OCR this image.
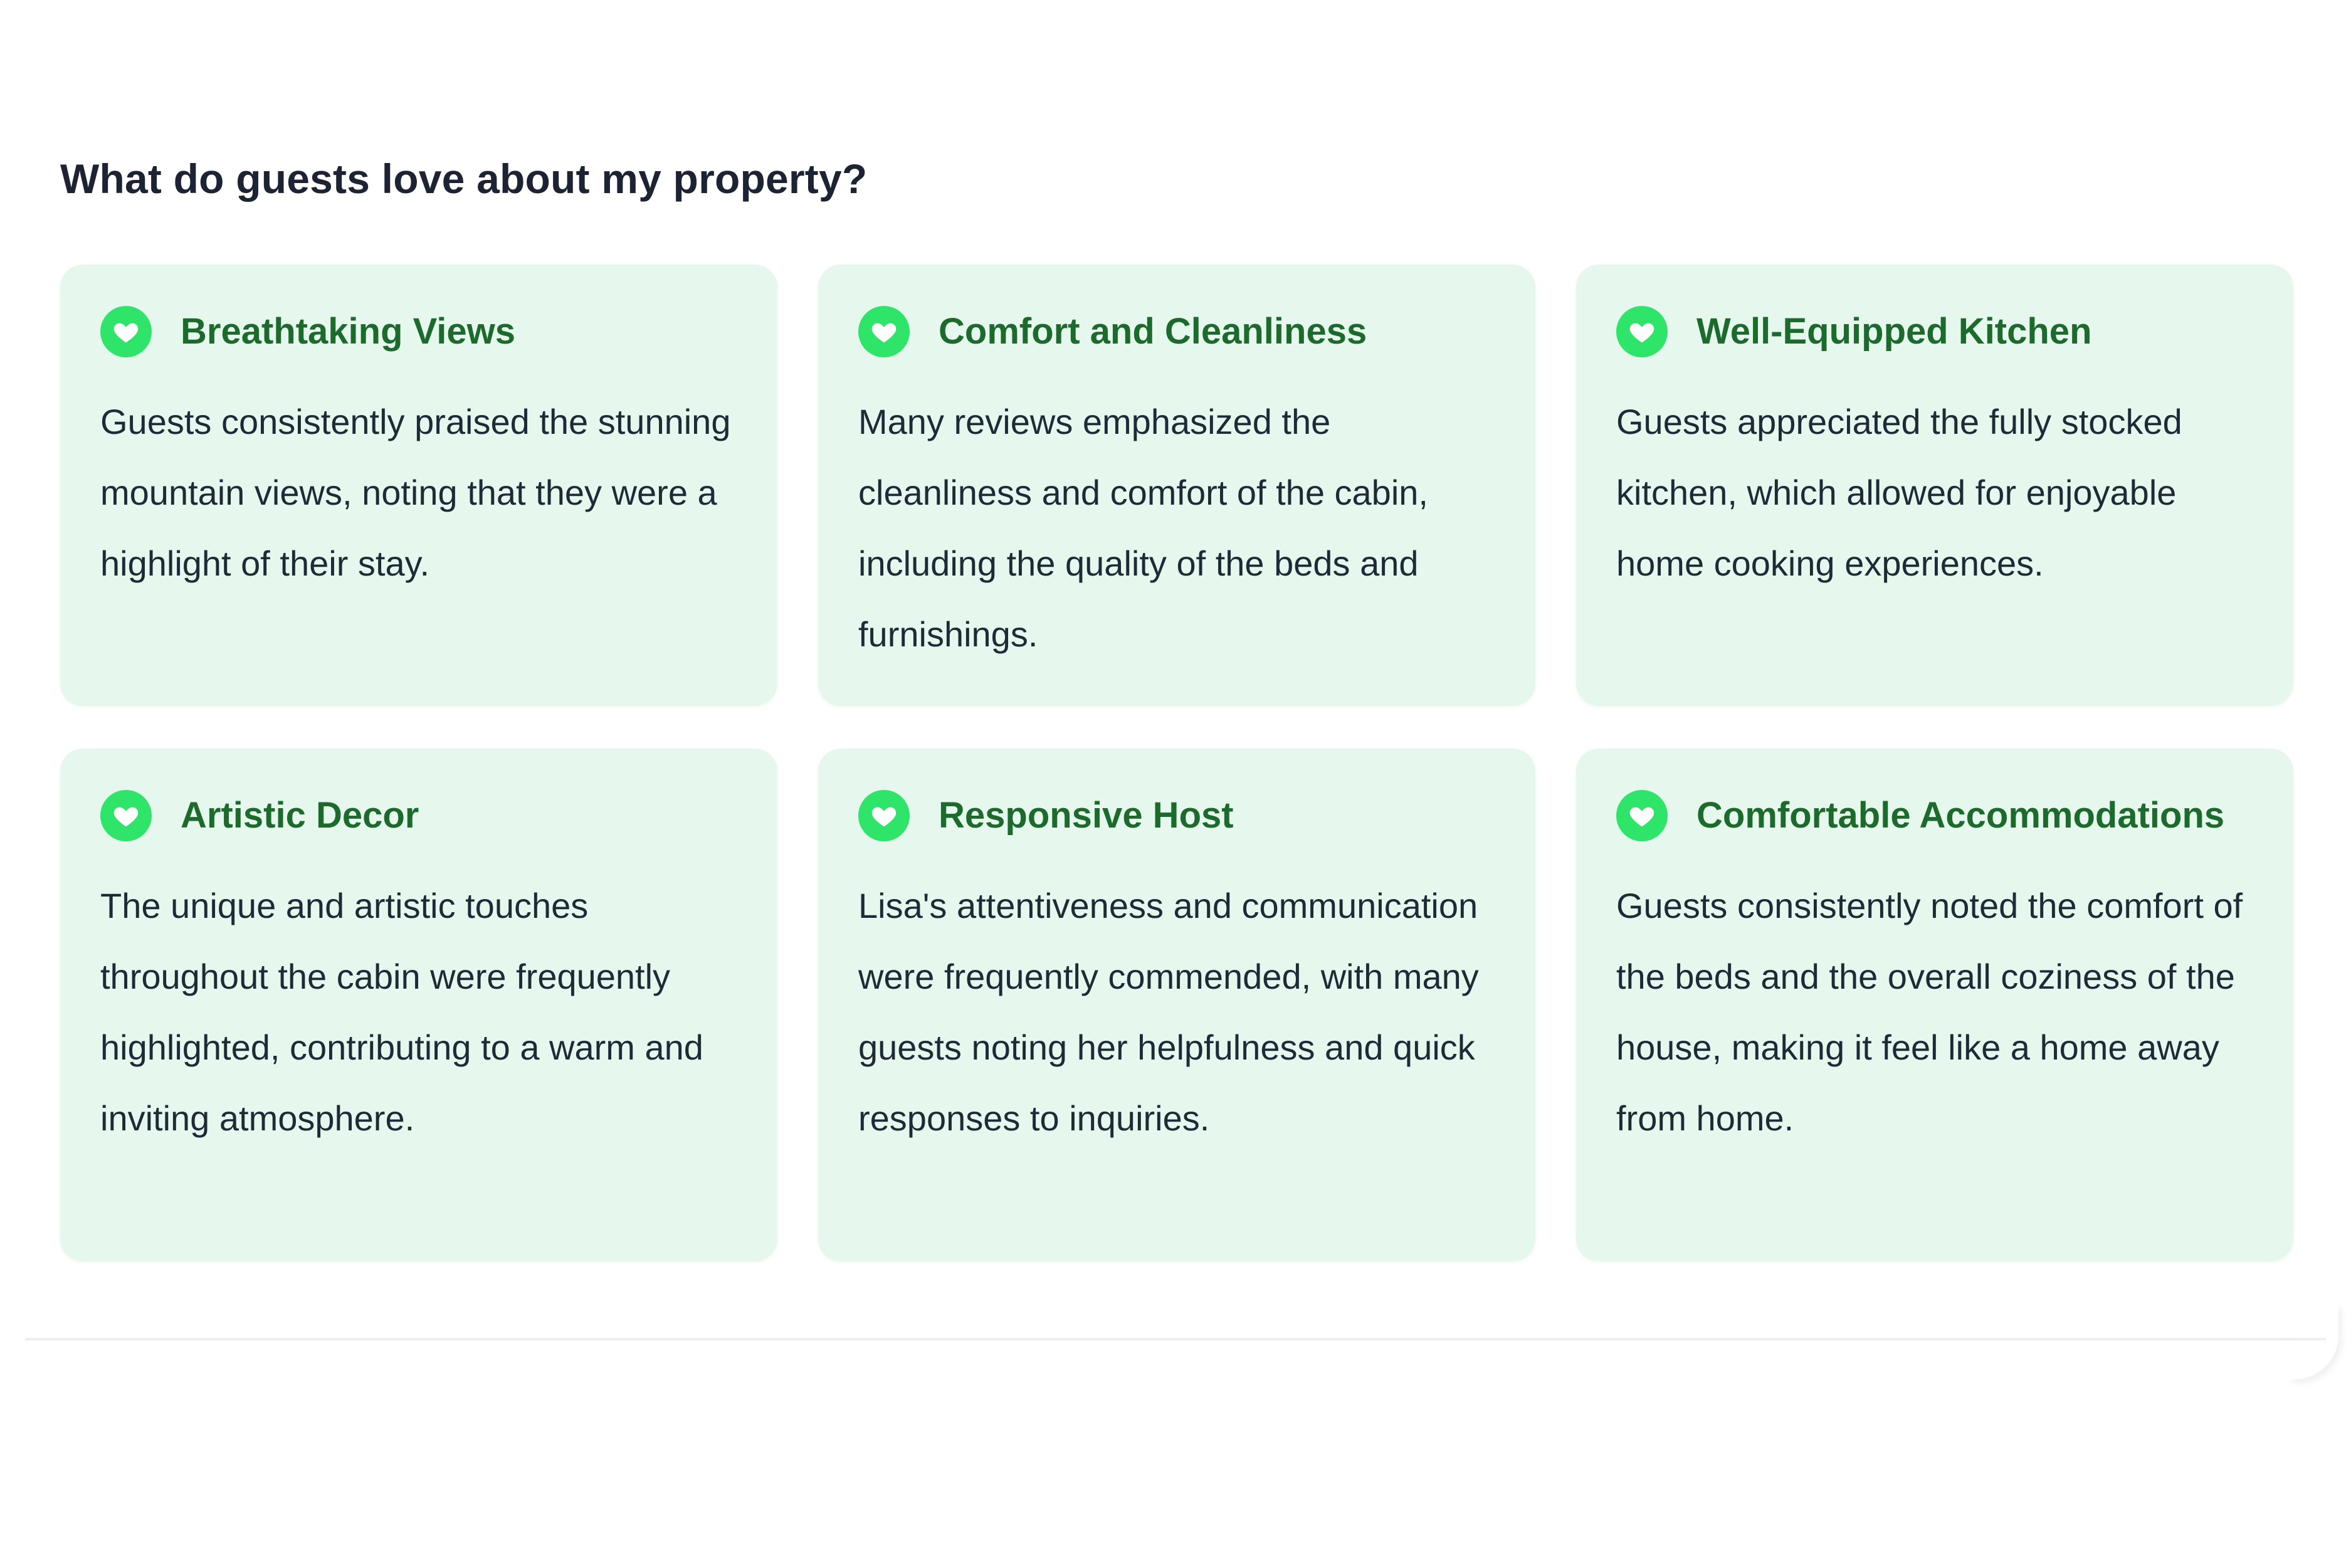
What do guests love about my property?
Breathtaking Views

Guests consistently praised the stunning mountain views, noting that they were a highlight of their stay.

Comfort and Cleanliness

Many reviews emphasized the cleanliness and comfort of the cabin, including the quality of the beds and furnishings.

Well-Equipped Kitchen

Guests appreciated the fully stocked kitchen, which allowed for enjoyable home cooking experiences.

Artistic Decor

The unique and artistic touches throughout the cabin were frequently highlighted, contributing to a warm and inviting atmosphere.

Responsive Host

Lisa's attentiveness and communication were frequently commended, with many guests noting her helpfulness and quick responses to inquiries.

Comfortable Accommodations

Guests consistently noted the comfort of the beds and the overall coziness of the house, making it feel like a home away from home.
